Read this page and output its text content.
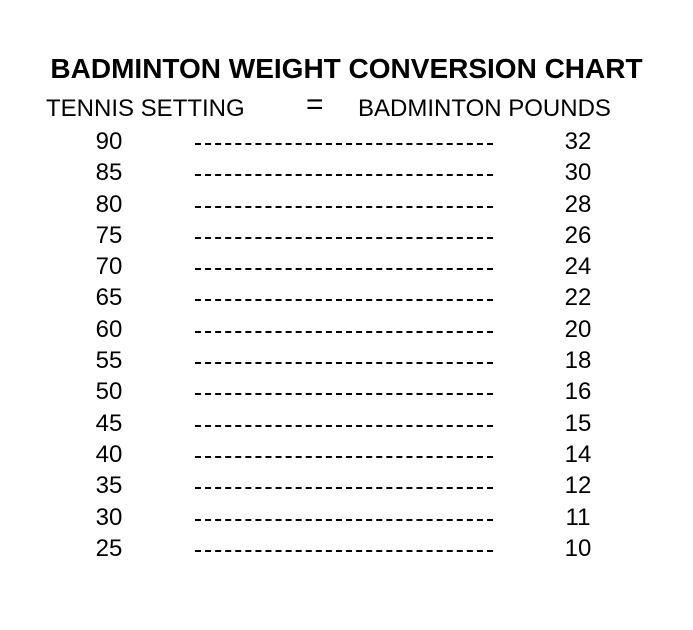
BADMINTON WEIGHT CONVERSION CHART
TENNIS SETTING = BADMINTON POUNDS
90	32
85	30
80	28
75	26
70	24
65	22
60	20
55	18
50	16
45	15
40	14
35	12
30	11
25	10
